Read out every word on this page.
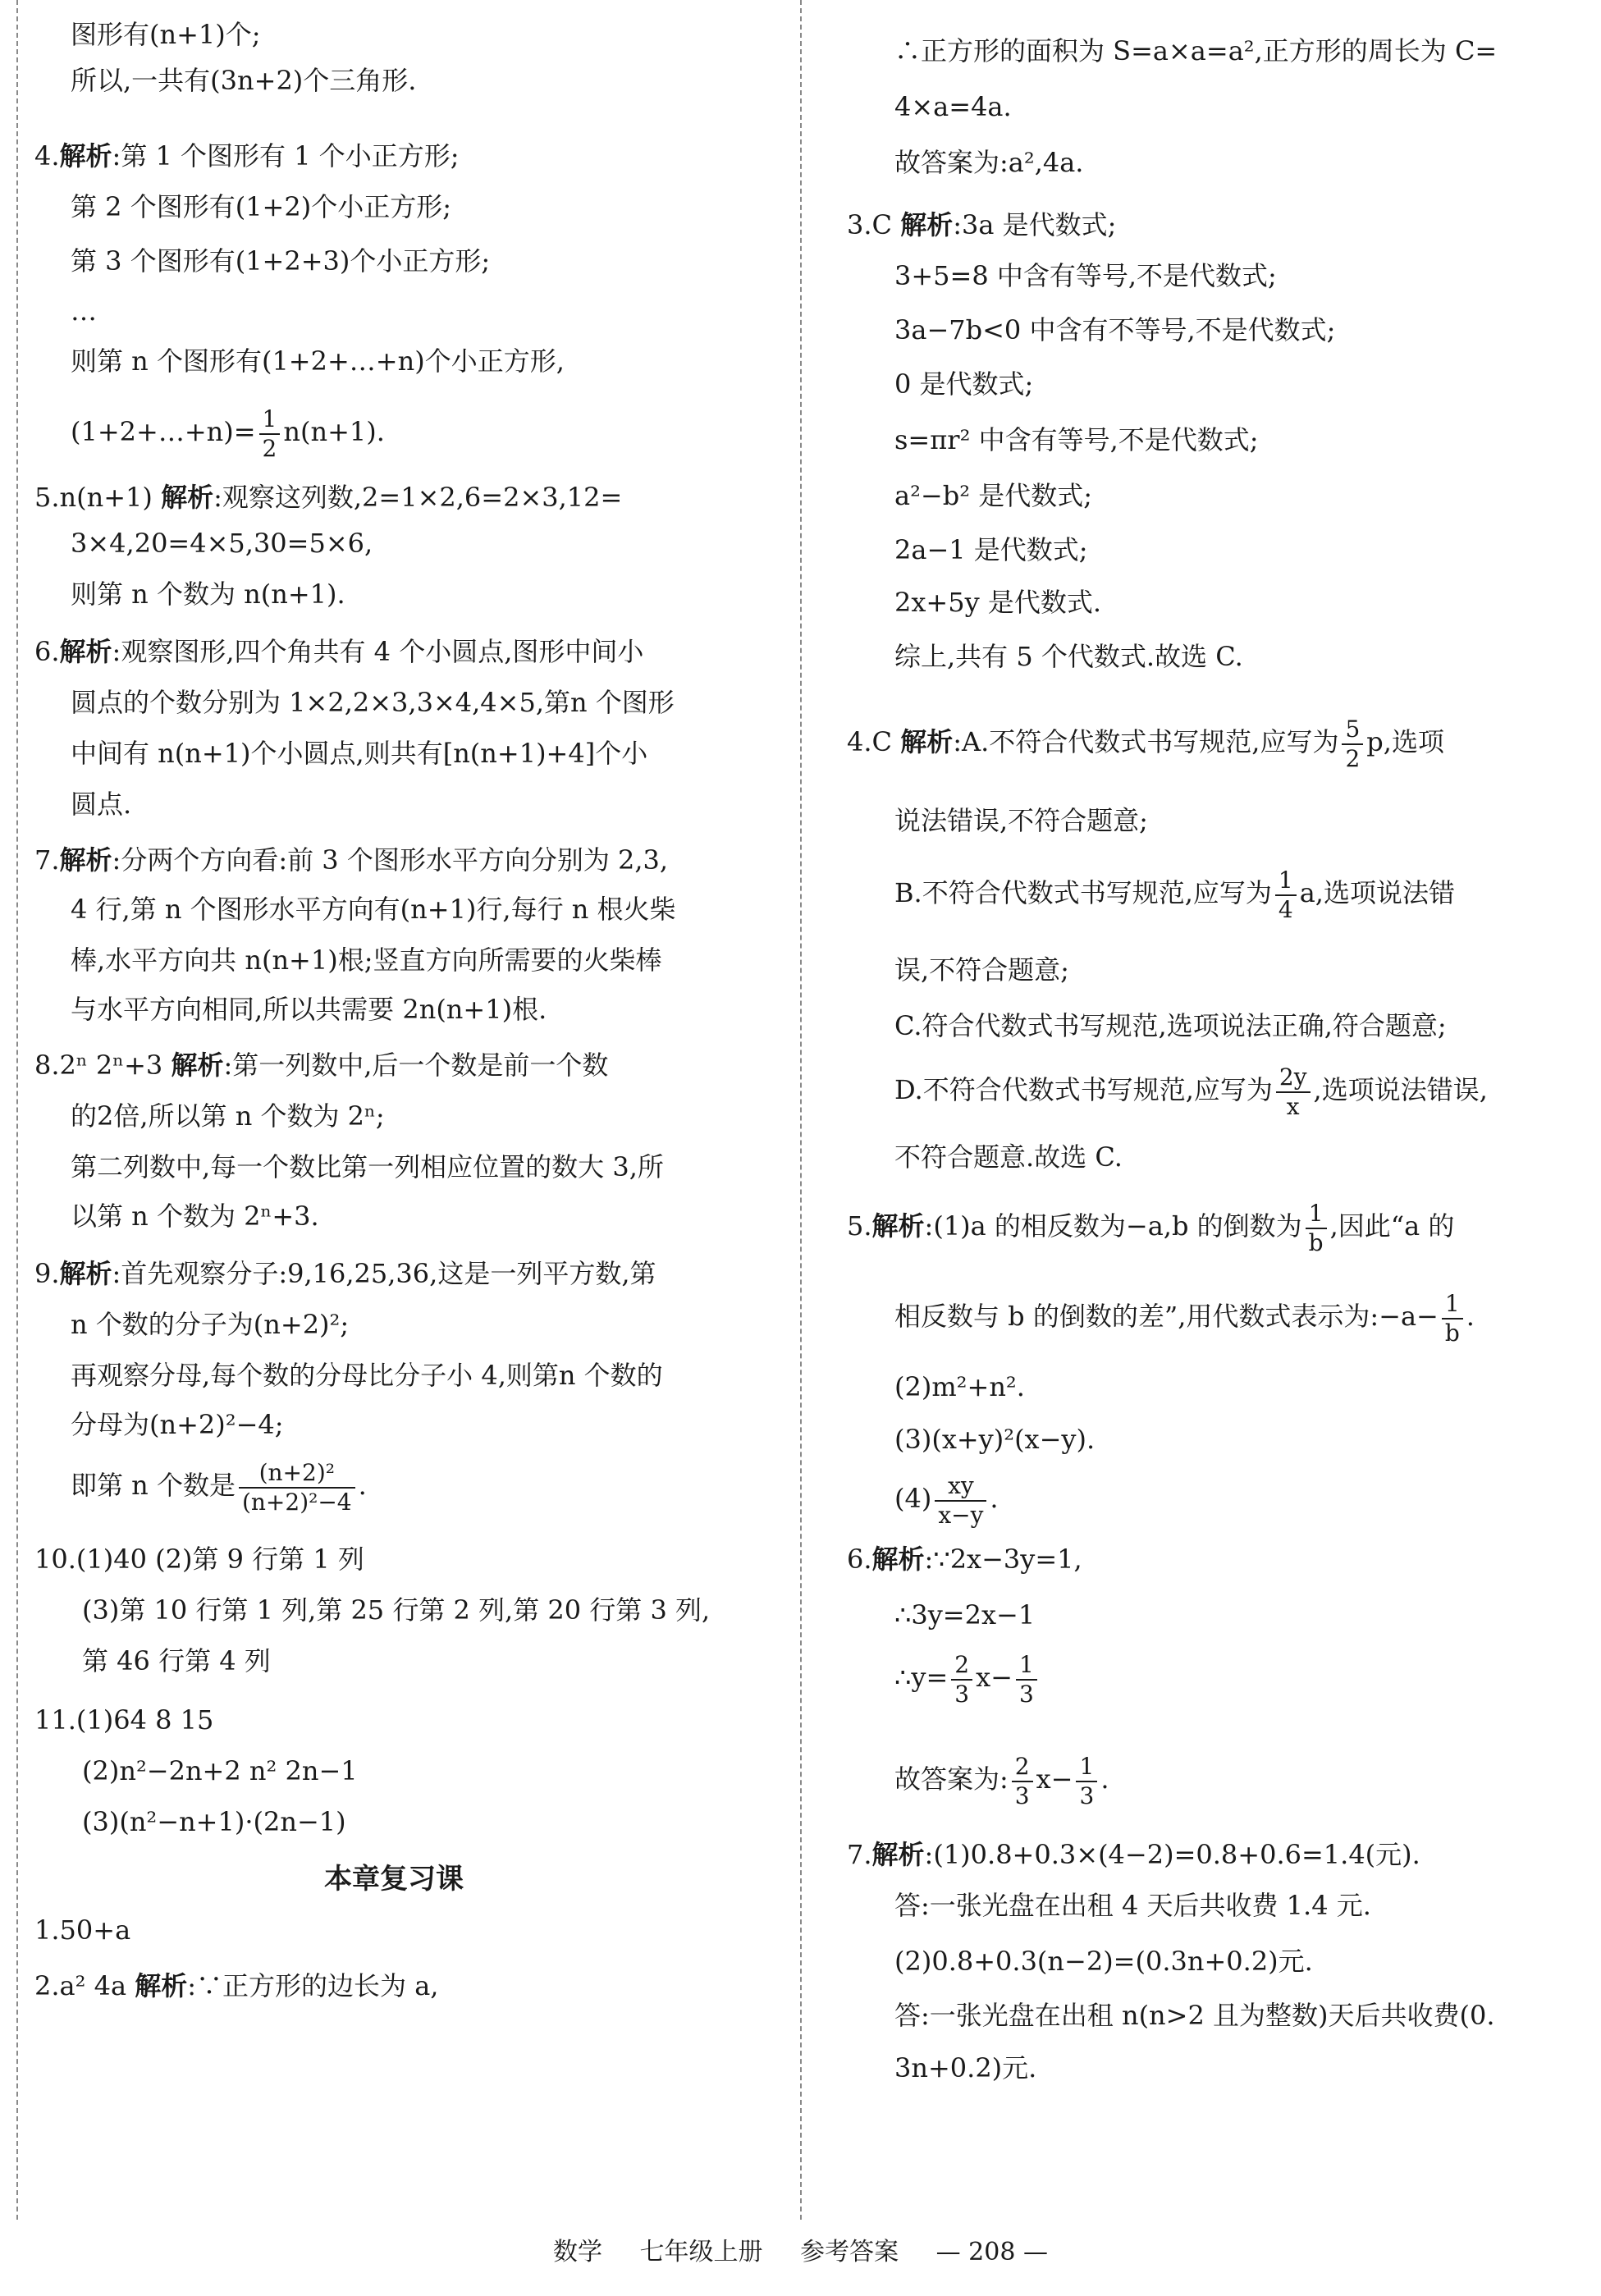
图形有(n+1)个;
所以,一共有(3n+2)个三角形.
4.解析:第 1 个图形有 1 个小正方形;
第 2 个图形有(1+2)个小正方形;
第 3 个图形有(1+2+3)个小正方形;
…
则第 n 个图形有(1+2+…+n)个小正方形,
(1+2+…+n)= $\frac{1}{2} n(n+1)$.
5.n(n+1) 解析:观察这列数,2=1×2,6=2×3,12=
3×4,20=4×5,30=5×6,
则第 n 个数为 n(n+1).
6.解析:观察图形,四个角共有 4 个小圆点,图形中间小
圆点的个数分别为 1×2,2×3,3×4,4×5,第n 个图形
中间有 n(n+1)个小圆点,则共有[n(n+1)+4]个小
圆点.
7.解析:分两个方向看:前 3 个图形水平方向分别为 2,3,
4 行,第 n 个图形水平方向有(n+1)行,每行 n 根火柴
棒,水平方向共 n(n+1)根;竖直方向所需要的火柴棒
与水平方向相同,所以共需要 2n(n+1)根.
8.2ⁿ 2ⁿ+3 解析:第一列数中,后一个数是前一个数
的2倍,所以第 n 个数为 2ⁿ;
第二列数中,每一个数比第一列相应位置的数大 3,所
以第 n 个数为 2ⁿ+3.
9.解析:首先观察分子:9,16,25,36,这是一列平方数,第
n 个数的分子为(n+2)²;
再观察分母,每个数的分母比分子小 4,则第n 个数的
分母为(n+2)²−4;
即第 n 个数是 $\frac{\text{(n+2)²}}{\text{(n+2)²−4}}$ .
10.(1)40 (2)第 9 行第 1 列
(3)第 10 行第 1 列,第 25 行第 2 列,第 20 行第 3 列,
第 46 行第 4 列
11.(1)64 8 15
(2)n²−2n+2 n² 2n−1
(3)(n²−n+1)·(2n−1)
本章复习课
1.50+a
2.a² 4a 解析:∵正方形的边长为 a,
∴正方形的面积为 S=a×a=a²,正方形的周长为 C=
4×a=4a.
故答案为:a²,4a.
3.C 解析:3a 是代数式;
3+5=8 中含有等号,不是代数式;
3a−7b<0 中含有不等号,不是代数式;
0 是代数式;
s=πr² 中含有等号,不是代数式;
a²−b² 是代数式;
2a−1 是代数式;
2x+5y 是代数式.
综上,共有 5 个代数式.故选 C.
4.C 解析:A.不符合代数式书写规范,应写为 $\frac{5}{2} p$,选项
说法错误,不符合题意;
B.不符合代数式书写规范,应写为 $\frac{1}{4} a$,选项说法错
误,不符合题意;
C.符合代数式书写规范,选项说法正确,符合题意;
D.不符合代数式书写规范,应写为 $\frac{2y}{x}$ ,选项说法错误,
不符合题意.故选 C.
5.解析:(1)a 的相反数为−a,b 的倒数为 $\frac{1}{b}$ ,因此“a 的
相反数与 b 的倒数的差”,用代数式表示为:−a− $\frac{1}{b}$ .
(2)m²+n².
(3)(x+y)²(x−y).
$(4) \frac{xy}{x-y}$ .
6.解析:∵2x−3y=1,
∴3y=2x−1
∴y= $\frac{2}{3} x- \frac{1}{3}$
故答案为: $\frac{2}{3} x- \frac{1}{3}$ .
7.解析:(1)0.8+0.3×(4−2)=0.8+0.6=1.4(元).
答:一张光盘在出租 4 天后共收费 1.4 元.
(2)0.8+0.3(n−2)=(0.3n+0.2)元.
答:一张光盘在出租 n(n>2 且为整数)天后共收费(0.
3n+0.2)元.
数学 七年级上册 参考答案 — 208 —
